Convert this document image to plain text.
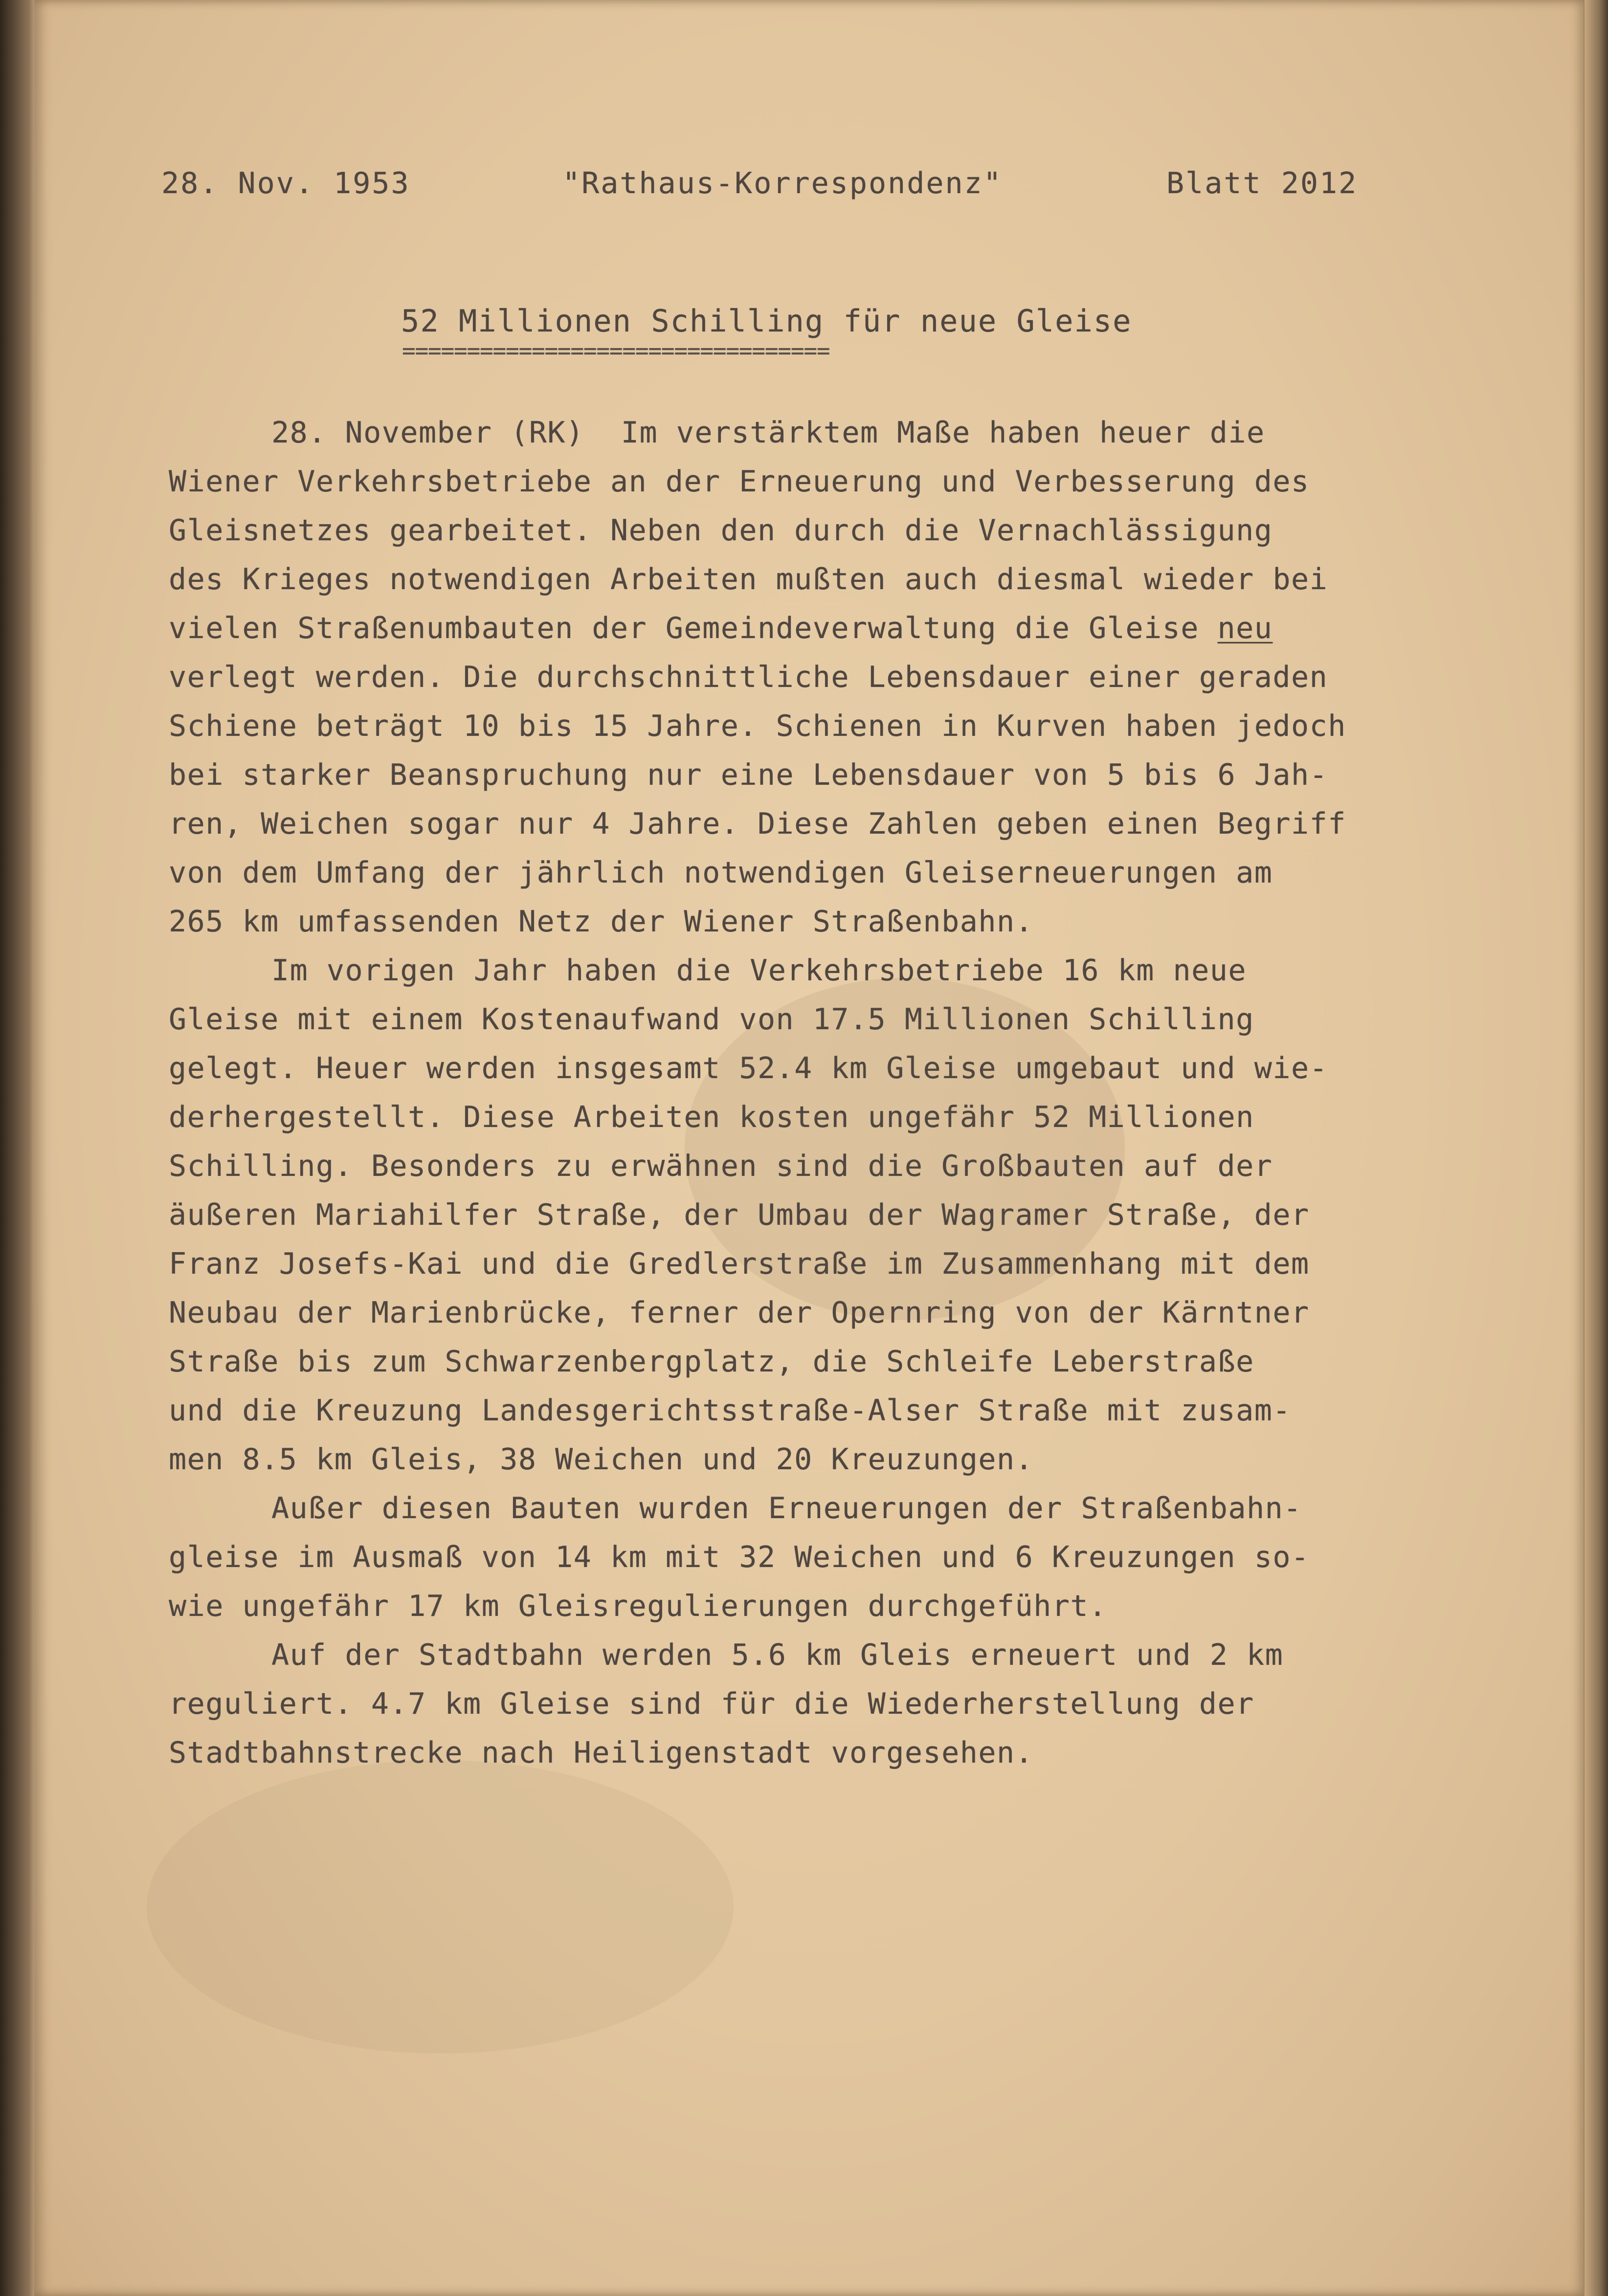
28. Nov. 1953	"Rathaus-Korrespondenz"	Blatt 2012
52 Millionen Schilling für neue Gleise
=================================
28. November (RK)  Im verstärktem Maße haben heuer die
Wiener Verkehrsbetriebe an der Erneuerung und Verbesserung des
Gleisnetzes gearbeitet. Neben den durch die Vernachlässigung
des Krieges notwendigen Arbeiten mußten auch diesmal wieder bei
vielen Straßenumbauten der Gemeindeverwaltung die Gleise neu
verlegt werden. Die durchschnittliche Lebensdauer einer geraden
Schiene beträgt 10 bis 15 Jahre. Schienen in Kurven haben jedoch
bei starker Beanspruchung nur eine Lebensdauer von 5 bis 6 Jah-
ren, Weichen sogar nur 4 Jahre. Diese Zahlen geben einen Begriff
von dem Umfang der jährlich notwendigen Gleiserneuerungen am
265 km umfassenden Netz der Wiener Straßenbahn.
Im vorigen Jahr haben die Verkehrsbetriebe 16 km neue
Gleise mit einem Kostenaufwand von 17.5 Millionen Schilling
gelegt. Heuer werden insgesamt 52.4 km Gleise umgebaut und wie-
derhergestellt. Diese Arbeiten kosten ungefähr 52 Millionen
Schilling. Besonders zu erwähnen sind die Großbauten auf der
äußeren Mariahilfer Straße, der Umbau der Wagramer Straße, der
Franz Josefs-Kai und die Gredlerstraße im Zusammenhang mit dem
Neubau der Marienbrücke, ferner der Opernring von der Kärntner
Straße bis zum Schwarzenbergplatz, die Schleife Leberstraße
und die Kreuzung Landesgerichtsstraße-Alser Straße mit zusam-
men 8.5 km Gleis, 38 Weichen und 20 Kreuzungen.
Außer diesen Bauten wurden Erneuerungen der Straßenbahn-
gleise im Ausmaß von 14 km mit 32 Weichen und 6 Kreuzungen so-
wie ungefähr 17 km Gleisregulierungen durchgeführt.
Auf der Stadtbahn werden 5.6 km Gleis erneuert und 2 km
reguliert. 4.7 km Gleise sind für die Wiederherstellung der
Stadtbahnstrecke nach Heiligenstadt vorgesehen.
